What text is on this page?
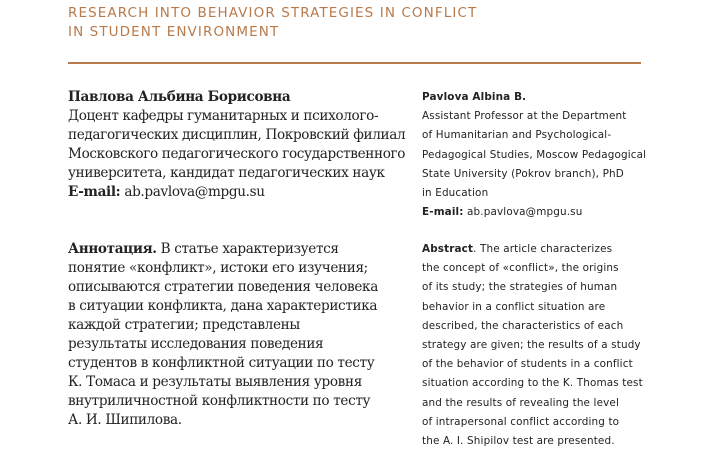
RESEARCH INTO BEHAVIOR STRATEGIES IN CONFLICT
IN STUDENT ENVIRONMENT
Павлова Альбина Борисовна
Доцент кафедры гуманитарных и психолого-
педагогических дисциплин, Покровский филиал
Московского педагогического государственного
университета, кандидат педагогических наук
E-mail: ab.pavlova@mpgu.su
Pavlova Albina B.
Assistant Professor at the Department
of Humanitarian and Psychological-
Pedagogical Studies, Moscow Pedagogical
State University (Pokrov branch), PhD
in Education
E-mail: ab.pavlova@mpgu.su
Аннотация. В статье характеризуется
понятие «конфликт», истоки его изучения;
описываются стратегии поведения человека
в ситуации конфликта, дана характеристика
каждой стратегии; представлены
результаты исследования поведения
студентов в конфликтной ситуации по тесту
К. Томаса и результаты выявления уровня
внутриличностной конфликтности по тесту
А. И. Шипилова.
Abstract. The article characterizes
the concept of «conflict», the origins
of its study; the strategies of human
behavior in a conflict situation are
described, the characteristics of each
strategy are given; the results of a study
of the behavior of students in a conflict
situation according to the K. Thomas test
and the results of revealing the level
of intrapersonal conflict according to
the A. I. Shipilov test are presented.
